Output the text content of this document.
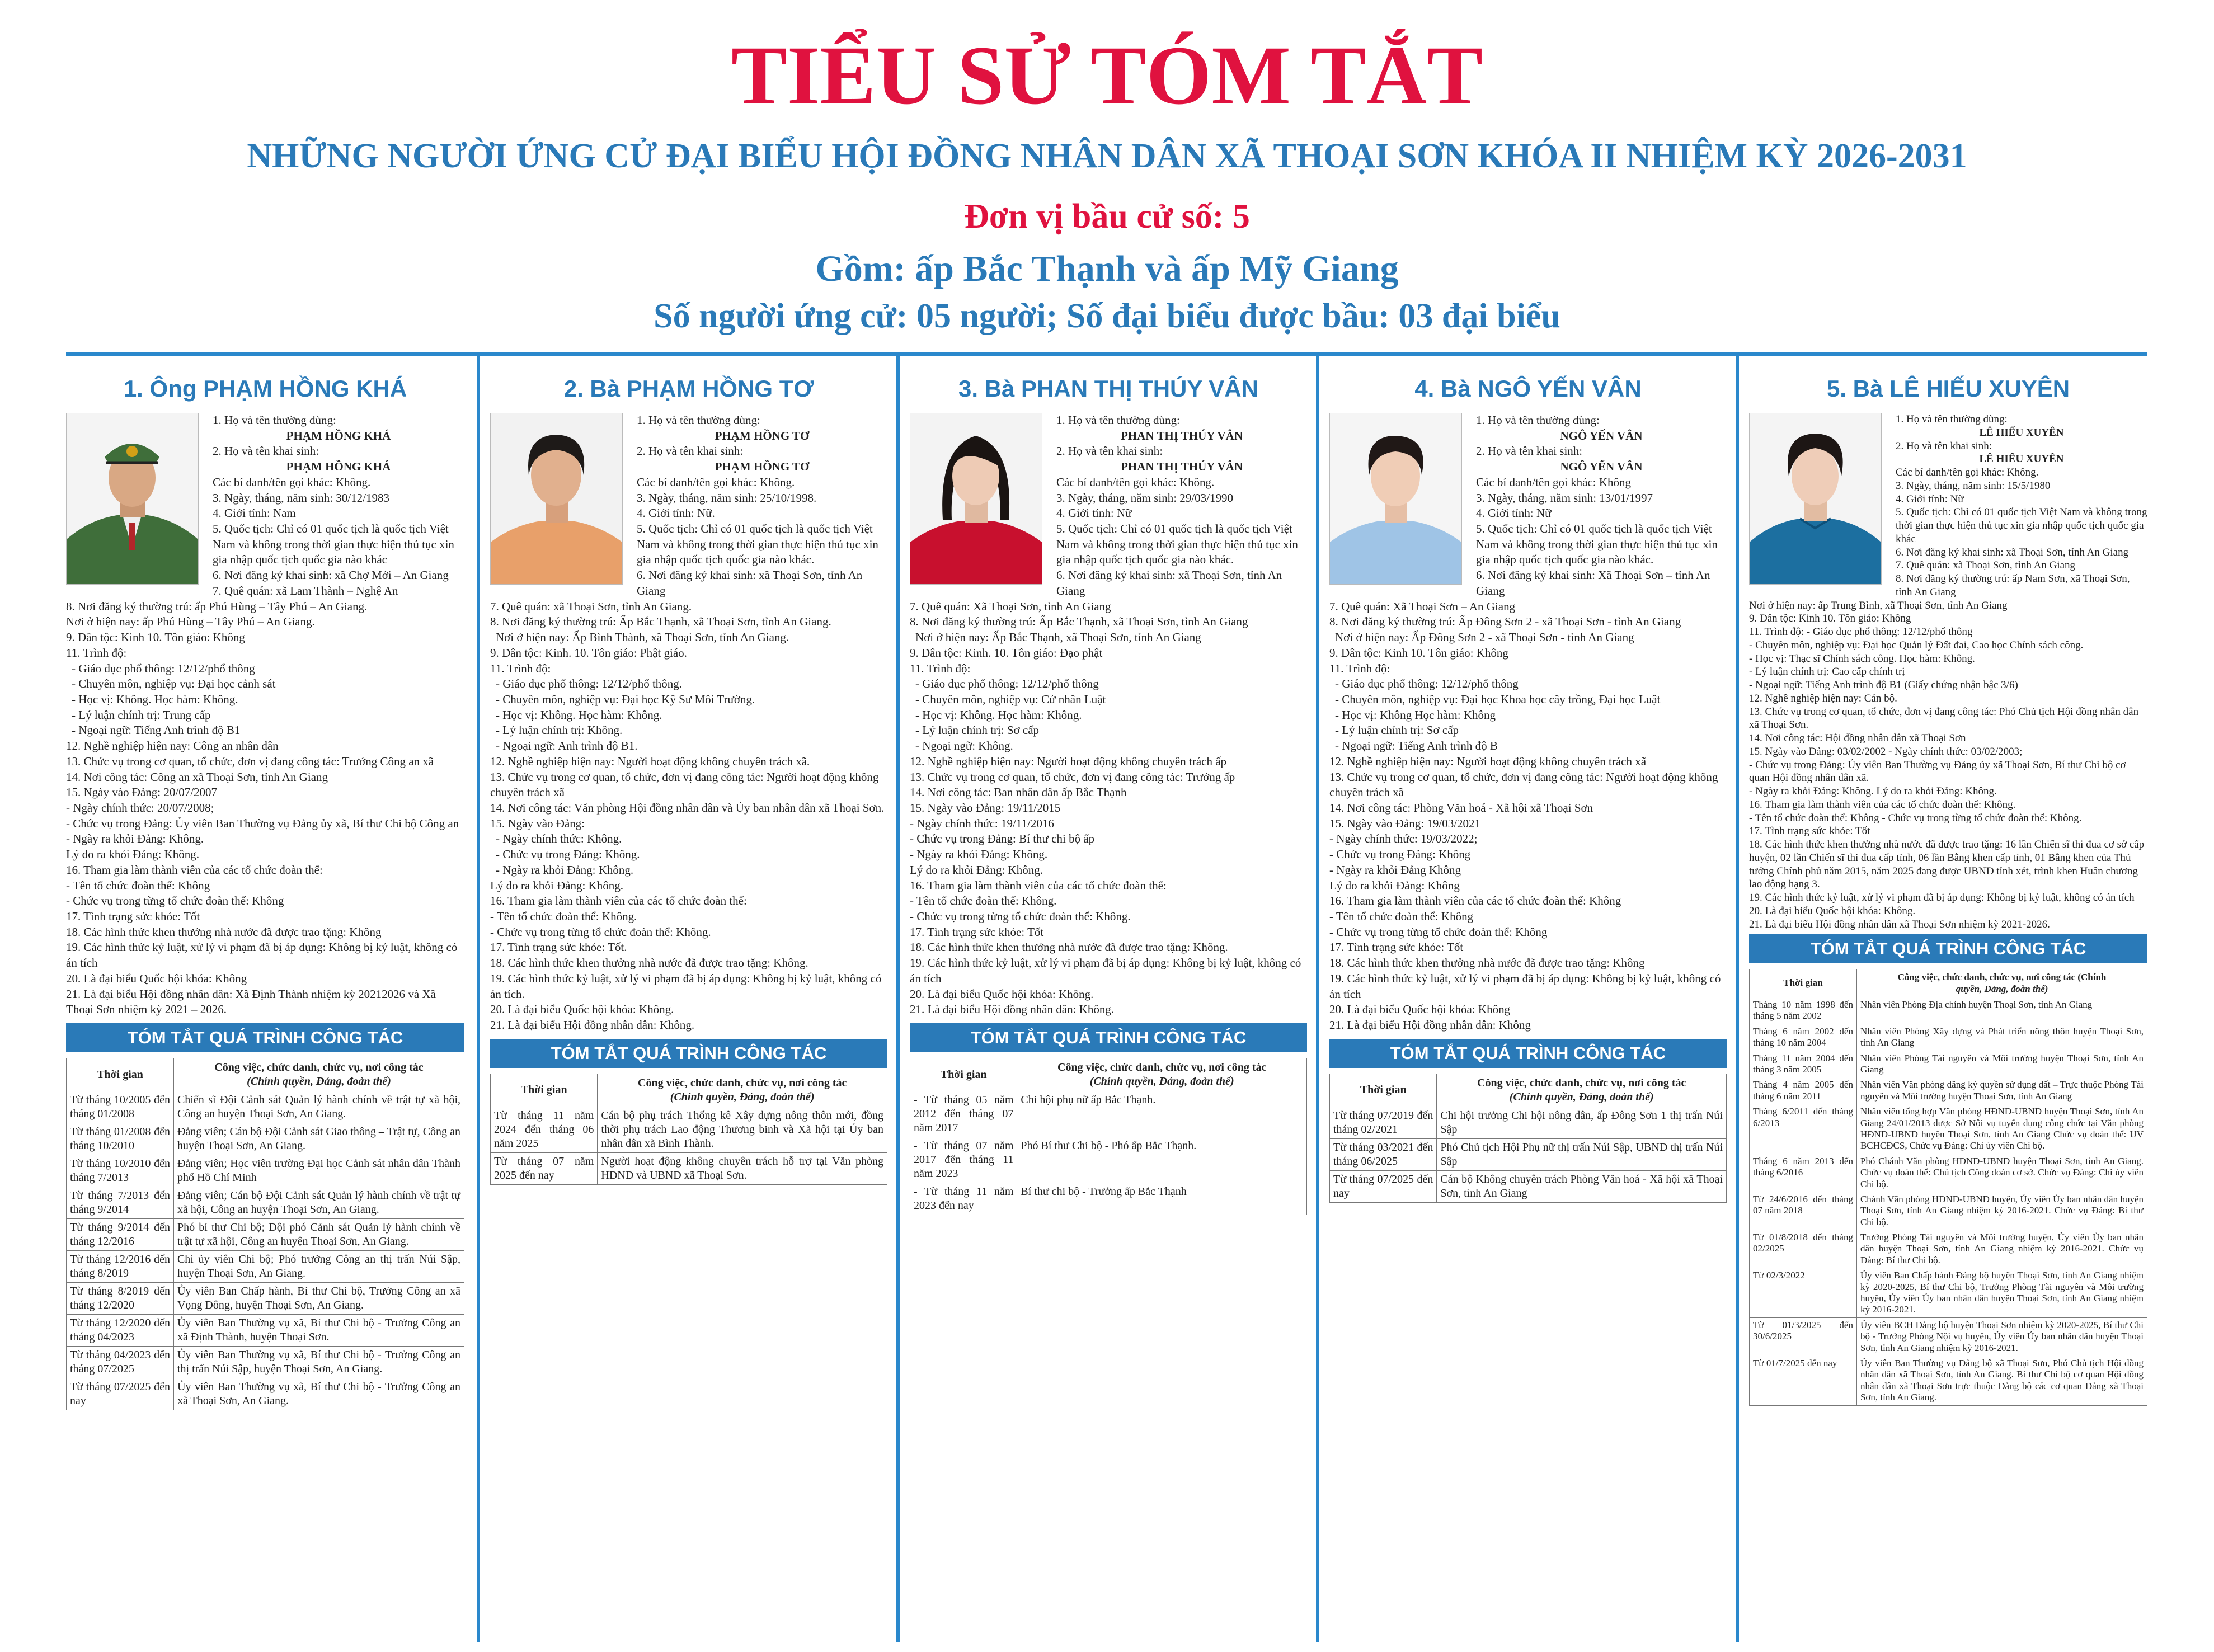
TIỂU SỬ TÓM TẮT
NHỮNG NGƯỜI ỨNG CỬ ĐẠI BIỂU HỘI ĐỒNG NHÂN DÂN XÃ THOẠI SƠN KHÓA II NHIỆM KỲ 2026-2031
Đơn vị bầu cử số: 5
Gồm: ấp Bắc Thạnh và ấp Mỹ Giang
Số người ứng cử: 05 người; Số đại biểu được bầu: 03 đại biểu
1. Ông PHẠM HỒNG KHÁ

1. Họ và tên thường dùng:

PHẠM HỒNG KHÁ

2. Họ và tên khai sinh:

PHẠM HỒNG KHÁ

Các bí danh/tên gọi khác: Không.

3. Ngày, tháng, năm sinh: 30/12/1983

4. Giới tính: Nam

5. Quốc tịch: Chỉ có 01 quốc tịch là quốc tịch Việt Nam và không trong thời gian thực hiện thủ tục xin gia nhập quốc tịch quốc gia nào khác

6. Nơi đăng ký khai sinh: xã Chợ Mới – An Giang

7. Quê quán: xã Lam Thành – Nghệ An

8. Nơi đăng ký thường trú: ấp Phú Hùng – Tây Phú – An Giang.

Nơi ở hiện nay: ấp Phú Hùng – Tây Phú – An Giang.

9. Dân tộc: Kinh 10. Tôn giáo: Không

11. Trình độ:

- Giáo dục phổ thông: 12/12/phổ thông

- Chuyên môn, nghiệp vụ: Đại học cảnh sát

- Học vị: Không. Học hàm: Không.

- Lý luận chính trị: Trung cấp

- Ngoại ngữ: Tiếng Anh trình độ B1

12. Nghề nghiệp hiện nay: Công an nhân dân

13. Chức vụ trong cơ quan, tổ chức, đơn vị đang công tác: Trưởng Công an xã

14. Nơi công tác: Công an xã Thoại Sơn, tỉnh An Giang

15. Ngày vào Đảng: 20/07/2007

- Ngày chính thức: 20/07/2008;

- Chức vụ trong Đảng: Ủy viên Ban Thường vụ Đảng ủy xã, Bí thư Chi bộ Công an

- Ngày ra khỏi Đảng: Không.

Lý do ra khỏi Đảng: Không.

16. Tham gia làm thành viên của các tổ chức đoàn thể:

- Tên tổ chức đoàn thể: Không

- Chức vụ trong từng tổ chức đoàn thể: Không

17. Tình trạng sức khỏe: Tốt

18. Các hình thức khen thưởng nhà nước đã được trao tặng: Không

19. Các hình thức kỷ luật, xử lý vi phạm đã bị áp dụng: Không bị kỷ luật, không có án tích

20. Là đại biểu Quốc hội khóa: Không

21. Là đại biểu Hội đồng nhân dân: Xã Định Thành nhiệm kỳ 20212026 và Xã Thoại Sơn nhiệm kỳ 2021 – 2026.

TÓM TẮT QUÁ TRÌNH CÔNG TÁC
Thời gian	Công việc, chức danh, chức vụ, nơi công tác
(Chính quyền, Đảng, đoàn thể)
Từ tháng 10/2005 đến tháng 01/2008	Chiến sĩ Đội Cảnh sát Quản lý hành chính về trật tự xã hội, Công an huyện Thoại Sơn, An Giang.
Từ tháng 01/2008 đến tháng 10/2010	Đảng viên; Cán bộ Đội Cảnh sát Giao thông – Trật tự, Công an huyện Thoại Sơn, An Giang.
Từ tháng 10/2010 đến tháng 7/2013	Đảng viên; Học viên trường Đại học Cảnh sát nhân dân Thành phố Hồ Chí Minh
Từ tháng 7/2013 đến tháng 9/2014	Đảng viên; Cán bộ Đội Cảnh sát Quản lý hành chính về trật tự xã hội, Công an huyện Thoại Sơn, An Giang.
Từ tháng 9/2014 đến tháng 12/2016	Phó bí thư Chi bộ; Đội phó Cảnh sát Quản lý hành chính về trật tự xã hội, Công an huyện Thoại Sơn, An Giang.
Từ tháng 12/2016 đến tháng 8/2019	Chi ủy viên Chi bộ; Phó trưởng Công an thị trấn Núi Sập, huyện Thoại Sơn, An Giang.
Từ tháng 8/2019 đến tháng 12/2020	Ủy viên Ban Chấp hành, Bí thư Chi bộ, Trưởng Công an xã Vọng Đông, huyện Thoại Sơn, An Giang.
Từ tháng 12/2020 đến tháng 04/2023	Ủy viên Ban Thường vụ xã, Bí thư Chi bộ - Trưởng Công an xã Định Thành, huyện Thoại Sơn.
Từ tháng 04/2023 đến tháng 07/2025	Ủy viên Ban Thường vụ xã, Bí thư Chi bộ - Trưởng Công an thị trấn Núi Sập, huyện Thoại Sơn, An Giang.
Từ tháng 07/2025 đến nay	Ủy viên Ban Thường vụ xã, Bí thư Chi bộ - Trưởng Công an xã Thoại Sơn, An Giang.
2. Bà PHẠM HỒNG TƠ

1. Họ và tên thường dùng:

PHẠM HỒNG TƠ

2. Họ và tên khai sinh:

PHẠM HỒNG TƠ

Các bí danh/tên gọi khác: Không.

3. Ngày, tháng, năm sinh: 25/10/1998.

4. Giới tính: Nữ.

5. Quốc tịch: Chỉ có 01 quốc tịch là quốc tịch Việt Nam và không trong thời gian thực hiện thủ tục xin gia nhập quốc tịch quốc gia nào khác.

6. Nơi đăng ký khai sinh: xã Thoại Sơn, tỉnh An Giang

7. Quê quán: xã Thoại Sơn, tỉnh An Giang.

8. Nơi đăng ký thường trú: Ấp Bắc Thạnh, xã Thoại Sơn, tỉnh An Giang.

Nơi ở hiện nay: Ấp Bình Thành, xã Thoại Sơn, tỉnh An Giang.

9. Dân tộc: Kinh. 10. Tôn giáo: Phật giáo.

11. Trình độ:

- Giáo dục phổ thông: 12/12/phổ thông.

- Chuyên môn, nghiệp vụ: Đại học Kỹ Sư Môi Trường.

- Học vị: Không. Học hàm: Không.

- Lý luận chính trị: Không.

- Ngoại ngữ: Anh trình độ B1.

12. Nghề nghiệp hiện nay: Người hoạt động không chuyên trách xã.

13. Chức vụ trong cơ quan, tổ chức, đơn vị đang công tác: Người hoạt động không chuyên trách xã

14. Nơi công tác: Văn phòng Hội đồng nhân dân và Ủy ban nhân dân xã Thoại Sơn.

15. Ngày vào Đảng:

- Ngày chính thức: Không.

- Chức vụ trong Đảng: Không.

- Ngày ra khỏi Đảng: Không.

Lý do ra khỏi Đảng: Không.

16. Tham gia làm thành viên của các tổ chức đoàn thể:

- Tên tổ chức đoàn thể: Không.

- Chức vụ trong từng tổ chức đoàn thể: Không.

17. Tình trạng sức khỏe: Tốt.

18. Các hình thức khen thưởng nhà nước đã được trao tặng: Không.

19. Các hình thức kỷ luật, xử lý vi phạm đã bị áp dụng: Không bị kỷ luật, không có án tích.

20. Là đại biểu Quốc hội khóa: Không.

21. Là đại biểu Hội đồng nhân dân: Không.

TÓM TẮT QUÁ TRÌNH CÔNG TÁC
Thời gian	Công việc, chức danh, chức vụ, nơi công tác
(Chính quyền, Đảng, đoàn thể)
Từ tháng 11 năm 2024 đến tháng 06 năm 2025	Cán bộ phụ trách Thống kê Xây dựng nông thôn mới, đồng thời phụ trách Lao động Thương binh và Xã hội tại Ủy ban nhân dân xã Bình Thành.
Từ tháng 07 năm 2025 đến nay	Người hoạt động không chuyên trách hỗ trợ tại Văn phòng HĐND và UBND xã Thoại Sơn.
3. Bà PHAN THỊ THÚY VÂN

1. Họ và tên thường dùng:

PHAN THỊ THÚY VÂN

2. Họ và tên khai sinh:

PHAN THỊ THÚY VÂN

Các bí danh/tên gọi khác: Không.

3. Ngày, tháng, năm sinh: 29/03/1990

4. Giới tính: Nữ

5. Quốc tịch: Chỉ có 01 quốc tịch là quốc tịch Việt Nam và không trong thời gian thực hiện thủ tục xin gia nhập quốc tịch quốc gia nào khác.

6. Nơi đăng ký khai sinh: xã Thoại Sơn, tỉnh An Giang

7. Quê quán: Xã Thoại Sơn, tỉnh An Giang

8. Nơi đăng ký thường trú: Ấp Bắc Thạnh, xã Thoại Sơn, tỉnh An Giang

Nơi ở hiện nay: Ấp Bắc Thạnh, xã Thoại Sơn, tỉnh An Giang

9. Dân tộc: Kinh. 10. Tôn giáo: Đạo phật

11. Trình độ:

- Giáo dục phổ thông: 12/12/phổ thông

- Chuyên môn, nghiệp vụ: Cử nhân Luật

- Học vị: Không. Học hàm: Không.

- Lý luận chính trị: Sơ cấp

- Ngoại ngữ: Không.

12. Nghề nghiệp hiện nay: Người hoạt động không chuyên trách ấp

13. Chức vụ trong cơ quan, tổ chức, đơn vị đang công tác: Trưởng ấp

14. Nơi công tác: Ban nhân dân ấp Bắc Thạnh

15. Ngày vào Đảng: 19/11/2015

- Ngày chính thức: 19/11/2016

- Chức vụ trong Đảng: Bí thư chi bộ ấp

- Ngày ra khỏi Đảng: Không.

Lý do ra khỏi Đảng: Không.

16. Tham gia làm thành viên của các tổ chức đoàn thể:

- Tên tổ chức đoàn thể: Không.

- Chức vụ trong từng tổ chức đoàn thể: Không.

17. Tình trạng sức khỏe: Tốt

18. Các hình thức khen thưởng nhà nước đã được trao tặng: Không.

19. Các hình thức kỷ luật, xử lý vi phạm đã bị áp dụng: Không bị kỷ luật, không có án tích

20. Là đại biểu Quốc hội khóa: Không.

21. Là đại biểu Hội đồng nhân dân: Không.

TÓM TẮT QUÁ TRÌNH CÔNG TÁC
Thời gian	Công việc, chức danh, chức vụ, nơi công tác
(Chính quyền, Đảng, đoàn thể)
- Từ tháng 05 năm 2012 đến tháng 07 năm 2017	Chi hội phụ nữ ấp Bắc Thạnh.
- Từ tháng 07 năm 2017 đến tháng 11 năm 2023	Phó Bí thư Chi bộ - Phó ấp Bắc Thạnh.
- Từ tháng 11 năm 2023 đến nay	Bí thư chi bộ - Trưởng ấp Bắc Thạnh
4. Bà NGÔ YẾN VÂN

1. Họ và tên thường dùng:

NGÔ YẾN VÂN

2. Họ và tên khai sinh:

NGÔ YẾN VÂN

Các bí danh/tên gọi khác: Không

3. Ngày, tháng, năm sinh: 13/01/1997

4. Giới tính: Nữ

5. Quốc tịch: Chỉ có 01 quốc tịch là quốc tịch Việt Nam và không trong thời gian thực hiện thủ tục xin gia nhập quốc tịch quốc gia nào khác.

6. Nơi đăng ký khai sinh: Xã Thoại Sơn – tỉnh An Giang

7. Quê quán: Xã Thoại Sơn – An Giang

8. Nơi đăng ký thường trú: Ấp Đông Sơn 2 - xã Thoại Sơn - tỉnh An Giang

Nơi ở hiện nay: Ấp Đông Sơn 2 - xã Thoại Sơn - tỉnh An Giang

9. Dân tộc: Kinh 10. Tôn giáo: Không

11. Trình độ:

- Giáo dục phổ thông: 12/12/phổ thông

- Chuyên môn, nghiệp vụ: Đại học Khoa học cây trồng, Đại học Luật

- Học vị: Không Học hàm: Không

- Lý luận chính trị: Sơ cấp

- Ngoại ngữ: Tiếng Anh trình độ B

12. Nghề nghiệp hiện nay: Người hoạt động không chuyên trách xã

13. Chức vụ trong cơ quan, tổ chức, đơn vị đang công tác: Người hoạt động không chuyên trách xã

14. Nơi công tác: Phòng Văn hoá - Xã hội xã Thoại Sơn

15. Ngày vào Đảng: 19/03/2021

- Ngày chính thức: 19/03/2022;

- Chức vụ trong Đảng: Không

- Ngày ra khỏi Đảng Không

Lý do ra khỏi Đảng: Không

16. Tham gia làm thành viên của các tổ chức đoàn thể: Không

- Tên tổ chức đoàn thể: Không

- Chức vụ trong từng tổ chức đoàn thể: Không

17. Tình trạng sức khỏe: Tốt

18. Các hình thức khen thưởng nhà nước đã được trao tặng: Không

19. Các hình thức kỷ luật, xử lý vi phạm đã bị áp dụng: Không bị kỷ luật, không có án tích

20. Là đại biểu Quốc hội khóa: Không

21. Là đại biểu Hội đồng nhân dân: Không

TÓM TẮT QUÁ TRÌNH CÔNG TÁC
Thời gian	Công việc, chức danh, chức vụ, nơi công tác
(Chính quyền, Đảng, đoàn thể)
Từ tháng 07/2019 đến tháng 02/2021	Chi hội trưởng Chi hội nông dân, ấp Đông Sơn 1 thị trấn Núi Sập
Từ tháng 03/2021 đến tháng 06/2025	Phó Chủ tịch Hội Phụ nữ thị trấn Núi Sập, UBND thị trấn Núi Sập
Từ tháng 07/2025 đến nay	Cán bộ Không chuyên trách Phòng Văn hoá - Xã hội xã Thoại Sơn, tỉnh An Giang
5. Bà LÊ HIẾU XUYÊN

1. Họ và tên thường dùng:

LÊ HIẾU XUYÊN

2. Họ và tên khai sinh:

LÊ HIẾU XUYÊN

Các bí danh/tên gọi khác: Không.

3. Ngày, tháng, năm sinh: 15/5/1980

4. Giới tính: Nữ

5. Quốc tịch: Chỉ có 01 quốc tịch Việt Nam và không trong thời gian thực hiện thủ tục xin gia nhập quốc tịch quốc gia khác

6. Nơi đăng ký khai sinh: xã Thoại Sơn, tỉnh An Giang

7. Quê quán: xã Thoại Sơn, tỉnh An Giang

8. Nơi đăng ký thường trú: ấp Nam Sơn, xã Thoại Sơn, tỉnh An Giang

Nơi ở hiện nay: ấp Trung Bình, xã Thoại Sơn, tỉnh An Giang

9. Dân tộc: Kinh 10. Tôn giáo: Không

11. Trình độ: - Giáo dục phổ thông: 12/12/phổ thông

- Chuyên môn, nghiệp vụ: Đại học Quản lý Đất đai, Cao học Chính sách công.

- Học vị: Thạc sĩ Chính sách công. Học hàm: Không.

- Lý luận chính trị: Cao cấp chính trị

- Ngoại ngữ: Tiếng Anh trình độ B1 (Giấy chứng nhận bậc 3/6)

12. Nghề nghiệp hiện nay: Cán bộ.

13. Chức vụ trong cơ quan, tổ chức, đơn vị đang công tác: Phó Chủ tịch Hội đồng nhân dân xã Thoại Sơn.

14. Nơi công tác: Hội đồng nhân dân xã Thoại Sơn

15. Ngày vào Đảng: 03/02/2002 - Ngày chính thức: 03/02/2003;

- Chức vụ trong Đảng: Ủy viên Ban Thường vụ Đảng ủy xã Thoại Sơn, Bí thư Chi bộ cơ quan Hội đồng nhân dân xã.

- Ngày ra khỏi Đảng: Không. Lý do ra khỏi Đảng: Không.

16. Tham gia làm thành viên của các tổ chức đoàn thể: Không.

- Tên tổ chức đoàn thể: Không - Chức vụ trong từng tổ chức đoàn thể: Không.

17. Tình trạng sức khỏe: Tốt

18. Các hình thức khen thưởng nhà nước đã được trao tặng: 16 lần Chiến sĩ thi đua cơ sở cấp huyện, 02 lần Chiến sĩ thi đua cấp tỉnh, 06 lần Bằng khen cấp tỉnh, 01 Bằng khen của Thủ tướng Chính phủ năm 2015, năm 2025 đang được UBND tỉnh xét, trình khen Huân chương lao động hạng 3.

19. Các hình thức kỷ luật, xử lý vi phạm đã bị áp dụng: Không bị kỷ luật, không có án tích

20. Là đại biểu Quốc hội khóa: Không.

21. Là đại biểu Hội đồng nhân dân xã Thoại Sơn nhiệm kỳ 2021-2026.

TÓM TẮT QUÁ TRÌNH CÔNG TÁC
Thời gian	Công việc, chức danh, chức vụ, nơi công tác (Chính
quyền, Đảng, đoàn thể)
Tháng 10 năm 1998 đến tháng 5 năm 2002	Nhân viên Phòng Địa chính huyện Thoại Sơn, tỉnh An Giang
Tháng 6 năm 2002 đến tháng 10 năm 2004	Nhân viên Phòng Xây dựng và Phát triển nông thôn huyện Thoại Sơn, tỉnh An Giang
Tháng 11 năm 2004 đến tháng 3 năm 2005	Nhân viên Phòng Tài nguyên và Môi trường huyện Thoại Sơn, tỉnh An Giang
Tháng 4 năm 2005 đến tháng 6 năm 2011	Nhân viên Văn phòng đăng ký quyền sử dụng đất – Trực thuộc Phòng Tài nguyên và Môi trường huyện Thoại Sơn, tỉnh An Giang
Tháng 6/2011 đến tháng 6/2013	Nhân viên tổng hợp Văn phòng HĐND-UBND huyện Thoại Sơn, tỉnh An Giang 24/01/2013 được Sở Nội vụ tuyển dụng công chức tại Văn phòng HĐND-UBND huyện Thoại Sơn, tỉnh An Giang Chức vụ đoàn thể: UV BCHCĐCS, Chức vụ Đảng: Chi ủy viên Chi bộ.
Tháng 6 năm 2013 đến tháng 6/2016	Phó Chánh Văn phòng HĐND-UBND huyện Thoại Sơn, tỉnh An Giang. Chức vụ đoàn thể: Chủ tịch Công đoàn cơ sở. Chức vụ Đảng: Chi ủy viên Chi bộ.
Từ 24/6/2016 đến tháng 07 năm 2018	Chánh Văn phòng HĐND-UBND huyện, Ủy viên Ủy ban nhân dân huyện Thoại Sơn, tỉnh An Giang nhiệm kỳ 2016-2021. Chức vụ Đảng: Bí thư Chi bộ.
Từ 01/8/2018 đến tháng 02/2025	Trưởng Phòng Tài nguyên và Môi trường huyện, Ủy viên Ủy ban nhân dân huyện Thoại Sơn, tỉnh An Giang nhiệm kỳ 2016-2021. Chức vụ Đảng: Bí thư Chi bộ.
Từ 02/3/2022	Ủy viên Ban Chấp hành Đảng bộ huyện Thoại Sơn, tỉnh An Giang nhiệm kỳ 2020-2025, Bí thư Chi bộ, Trưởng Phòng Tài nguyên và Môi trường huyện, Ủy viên Ủy ban nhân dân huyện Thoại Sơn, tỉnh An Giang nhiệm kỳ 2016-2021.
Từ 01/3/2025 đến 30/6/2025	Ủy viên BCH Đảng bộ huyện Thoại Sơn nhiệm kỳ 2020-2025, Bí thư Chi bộ - Trưởng Phòng Nội vụ huyện, Ủy viên Ủy ban nhân dân huyện Thoại Sơn, tỉnh An Giang nhiệm kỳ 2016-2021.
Từ 01/7/2025 đến nay	Ủy viên Ban Thường vụ Đảng bộ xã Thoại Sơn, Phó Chủ tịch Hội đồng nhân dân xã Thoại Sơn, tỉnh An Giang. Bí thư Chi bộ cơ quan Hội đồng nhân dân xã Thoại Sơn trực thuộc Đảng bộ các cơ quan Đảng xã Thoại Sơn, tỉnh An Giang.
